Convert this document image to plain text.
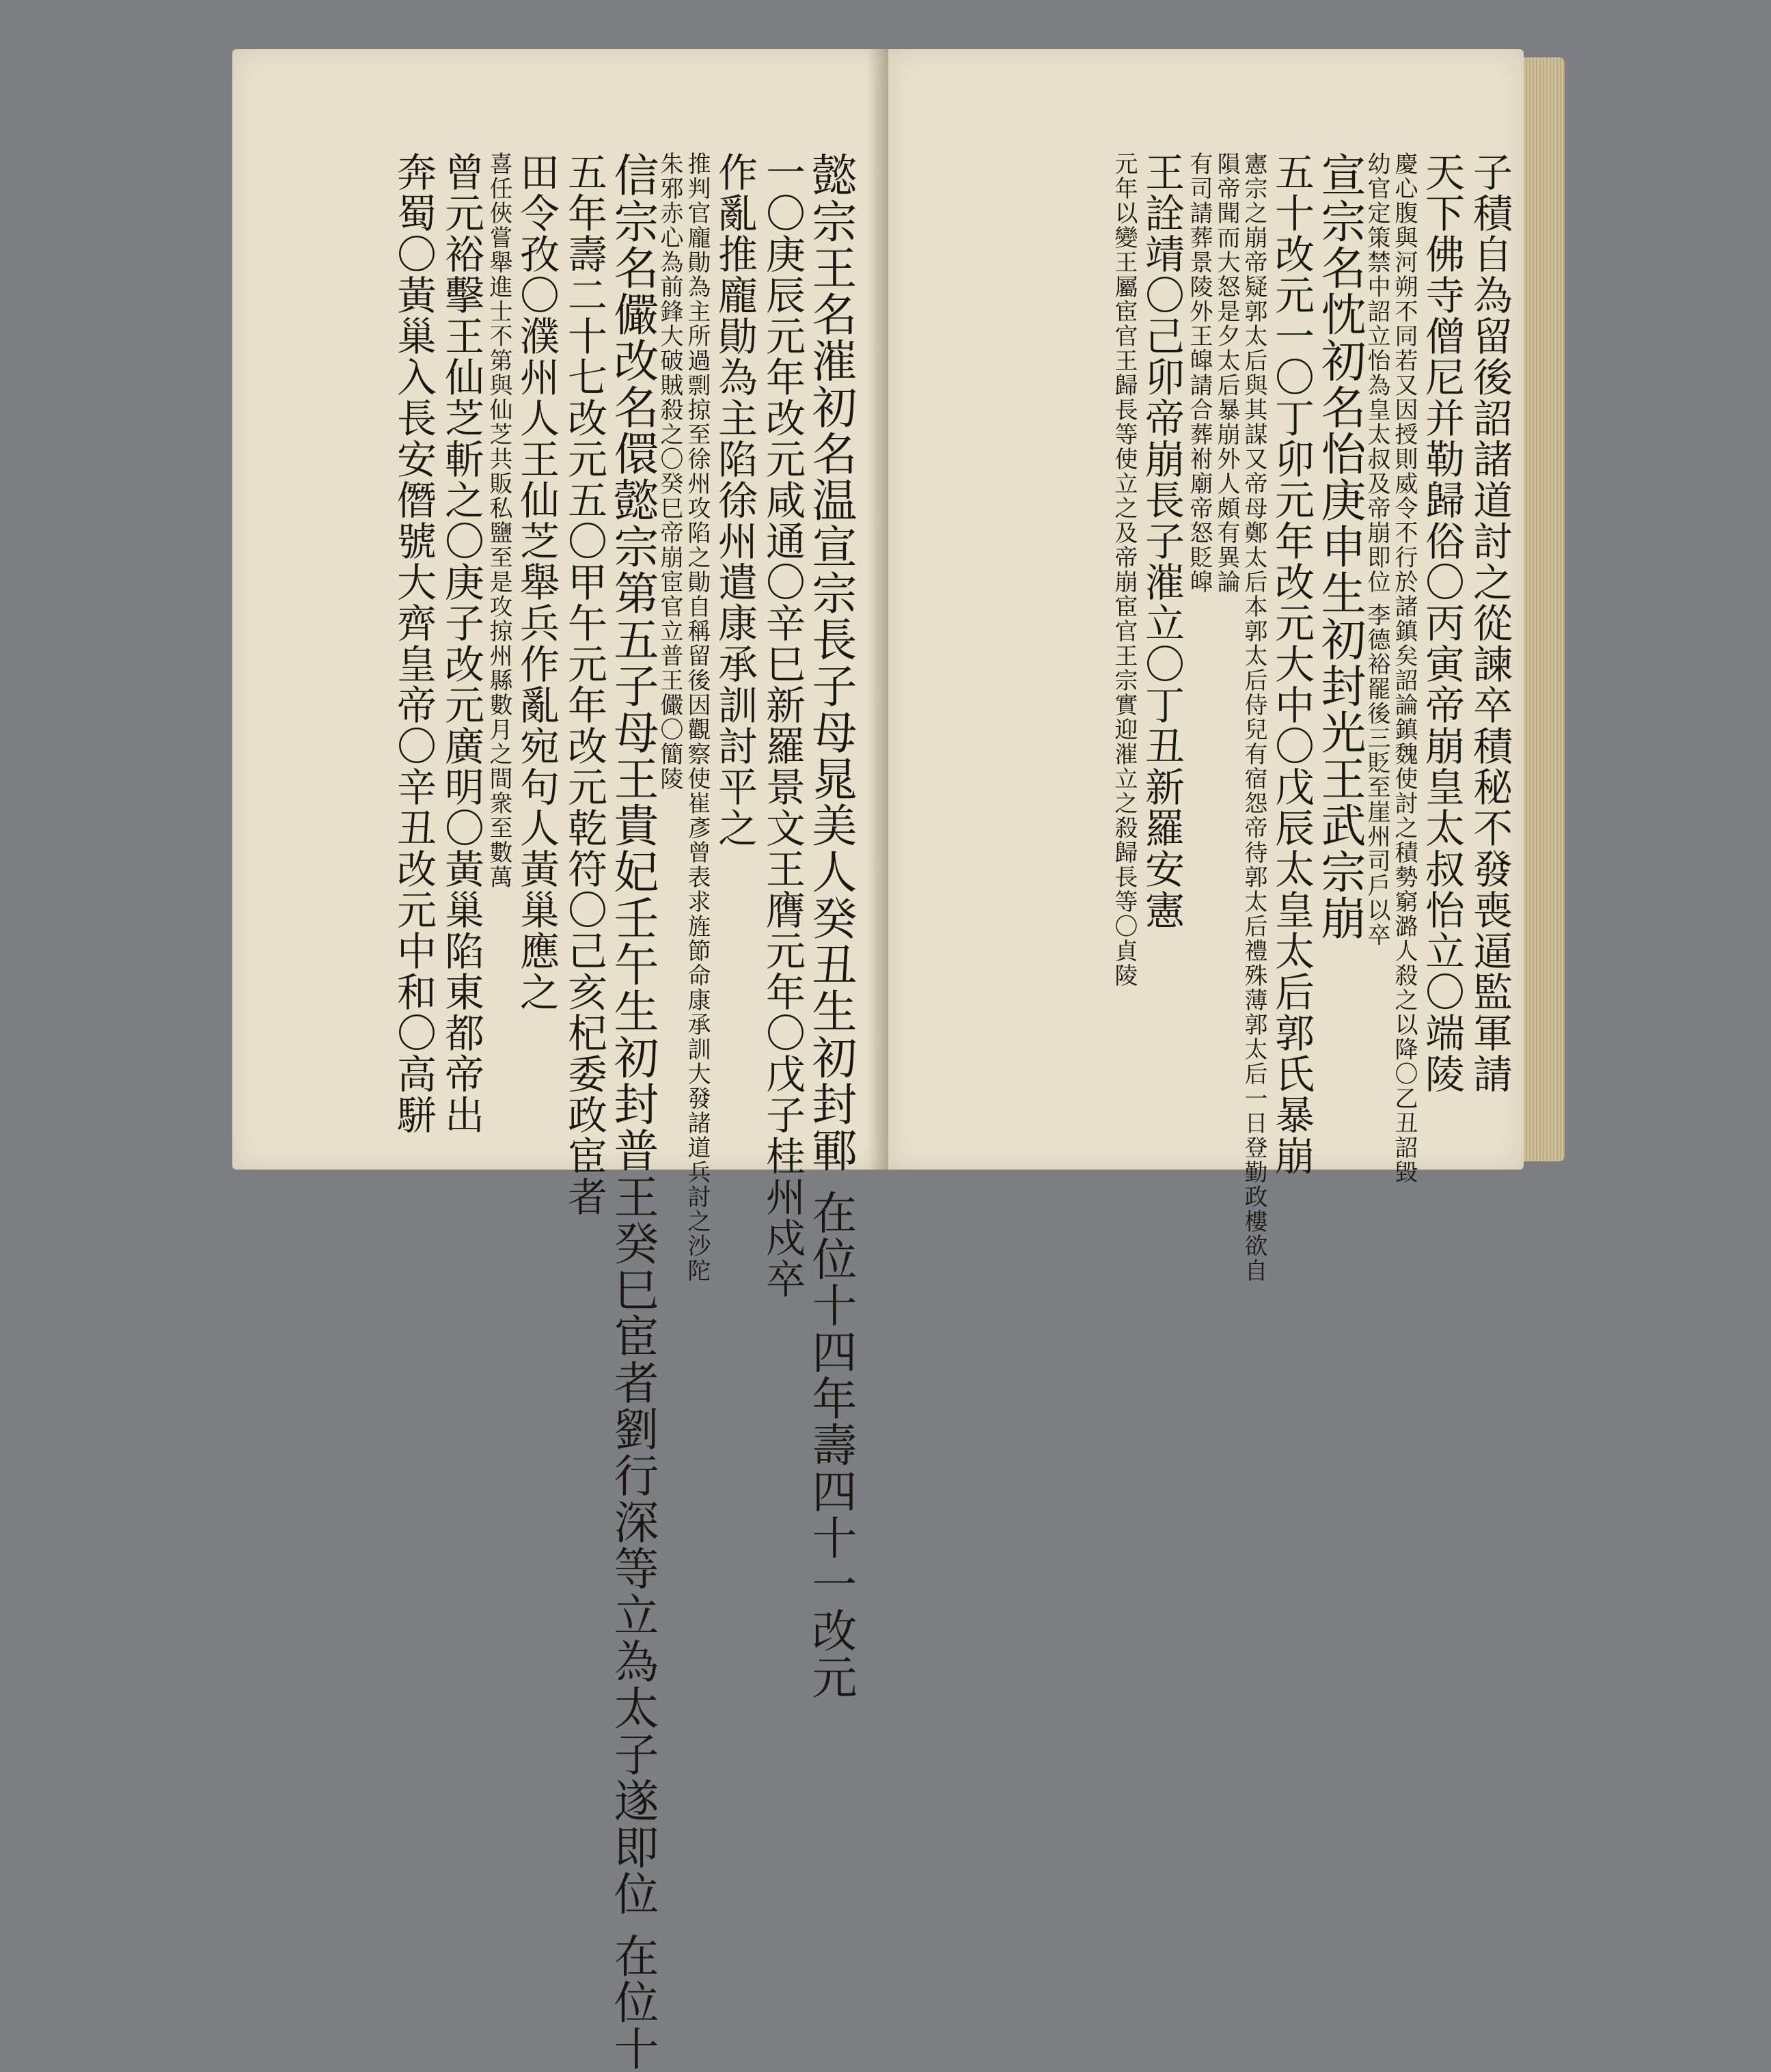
懿宗王名漼初名温宣宗長子母晁美人癸丑生初封鄆 在位十四年壽四十一改元
一〇庚辰元年改元咸通〇辛巳新羅景文王膺元年〇戊子桂州戍卒
作亂推龐勛為主陷徐州遣康承訓討平之
推判官龐勛為主所過剽掠至徐州攻陷之勛自稱留後因觀察使崔彥曾表求旌節命康承訓大發諸道兵討之沙陀
朱邪赤心為前鋒大破賊殺之〇癸巳帝崩宦官立普王儼〇簡陵
信宗名儼改名儇懿宗第五子母王貴妃壬午生初封普王癸巳宦者劉行深等立為太子遂即位 在位十
五年壽二十七改元五〇甲午元年改元乾符〇己亥杞委政宦者
田令孜〇濮州人王仙芝舉兵作亂宛句人黃巢應之
喜任俠嘗舉進士不第與仙芝共販私鹽至是攻掠州縣數月之間衆至數萬
曾元裕擊王仙芝斬之〇庚子改元廣明〇黃巢陷東都帝出
奔蜀〇黃巢入長安僭號大齊皇帝〇辛丑改元中和〇高駢	子積自為留後詔諸道討之從諫卒積秘不發喪逼監軍請
天下佛寺僧尼并勒歸俗〇丙寅帝崩皇太叔怡立〇端陵
慶心腹與河朔不同若又因授則威令不行於諸鎮矣詔論鎮魏使討之積勢窮潞人殺之以降〇乙丑詔毀
幼官定策禁中詔立怡為皇太叔及帝崩即位 李德裕罷後三貶至崖州司戶以卒
宣宗名忱初名怡庚申生初封光王武宗崩
五十改元一〇丁卯元年改元大中〇戊辰太皇太后郭氏暴崩
憲宗之崩帝疑郭太后與其謀又帝母鄭太后本郭太后侍兒有宿怨帝待郭太后禮殊薄郭太后一日登勤政樓欲自
隕帝聞而大怒是夕太后暴崩外人頗有異論
有司請葬景陵外王皡請合葬祔廟帝怒貶皡
王詮靖〇己卯帝崩長子漼立〇丁丑新羅安憲
元年以變王屬宦官王歸長等使立之及帝崩宦官王宗實迎漼立之殺歸長等〇貞陵
